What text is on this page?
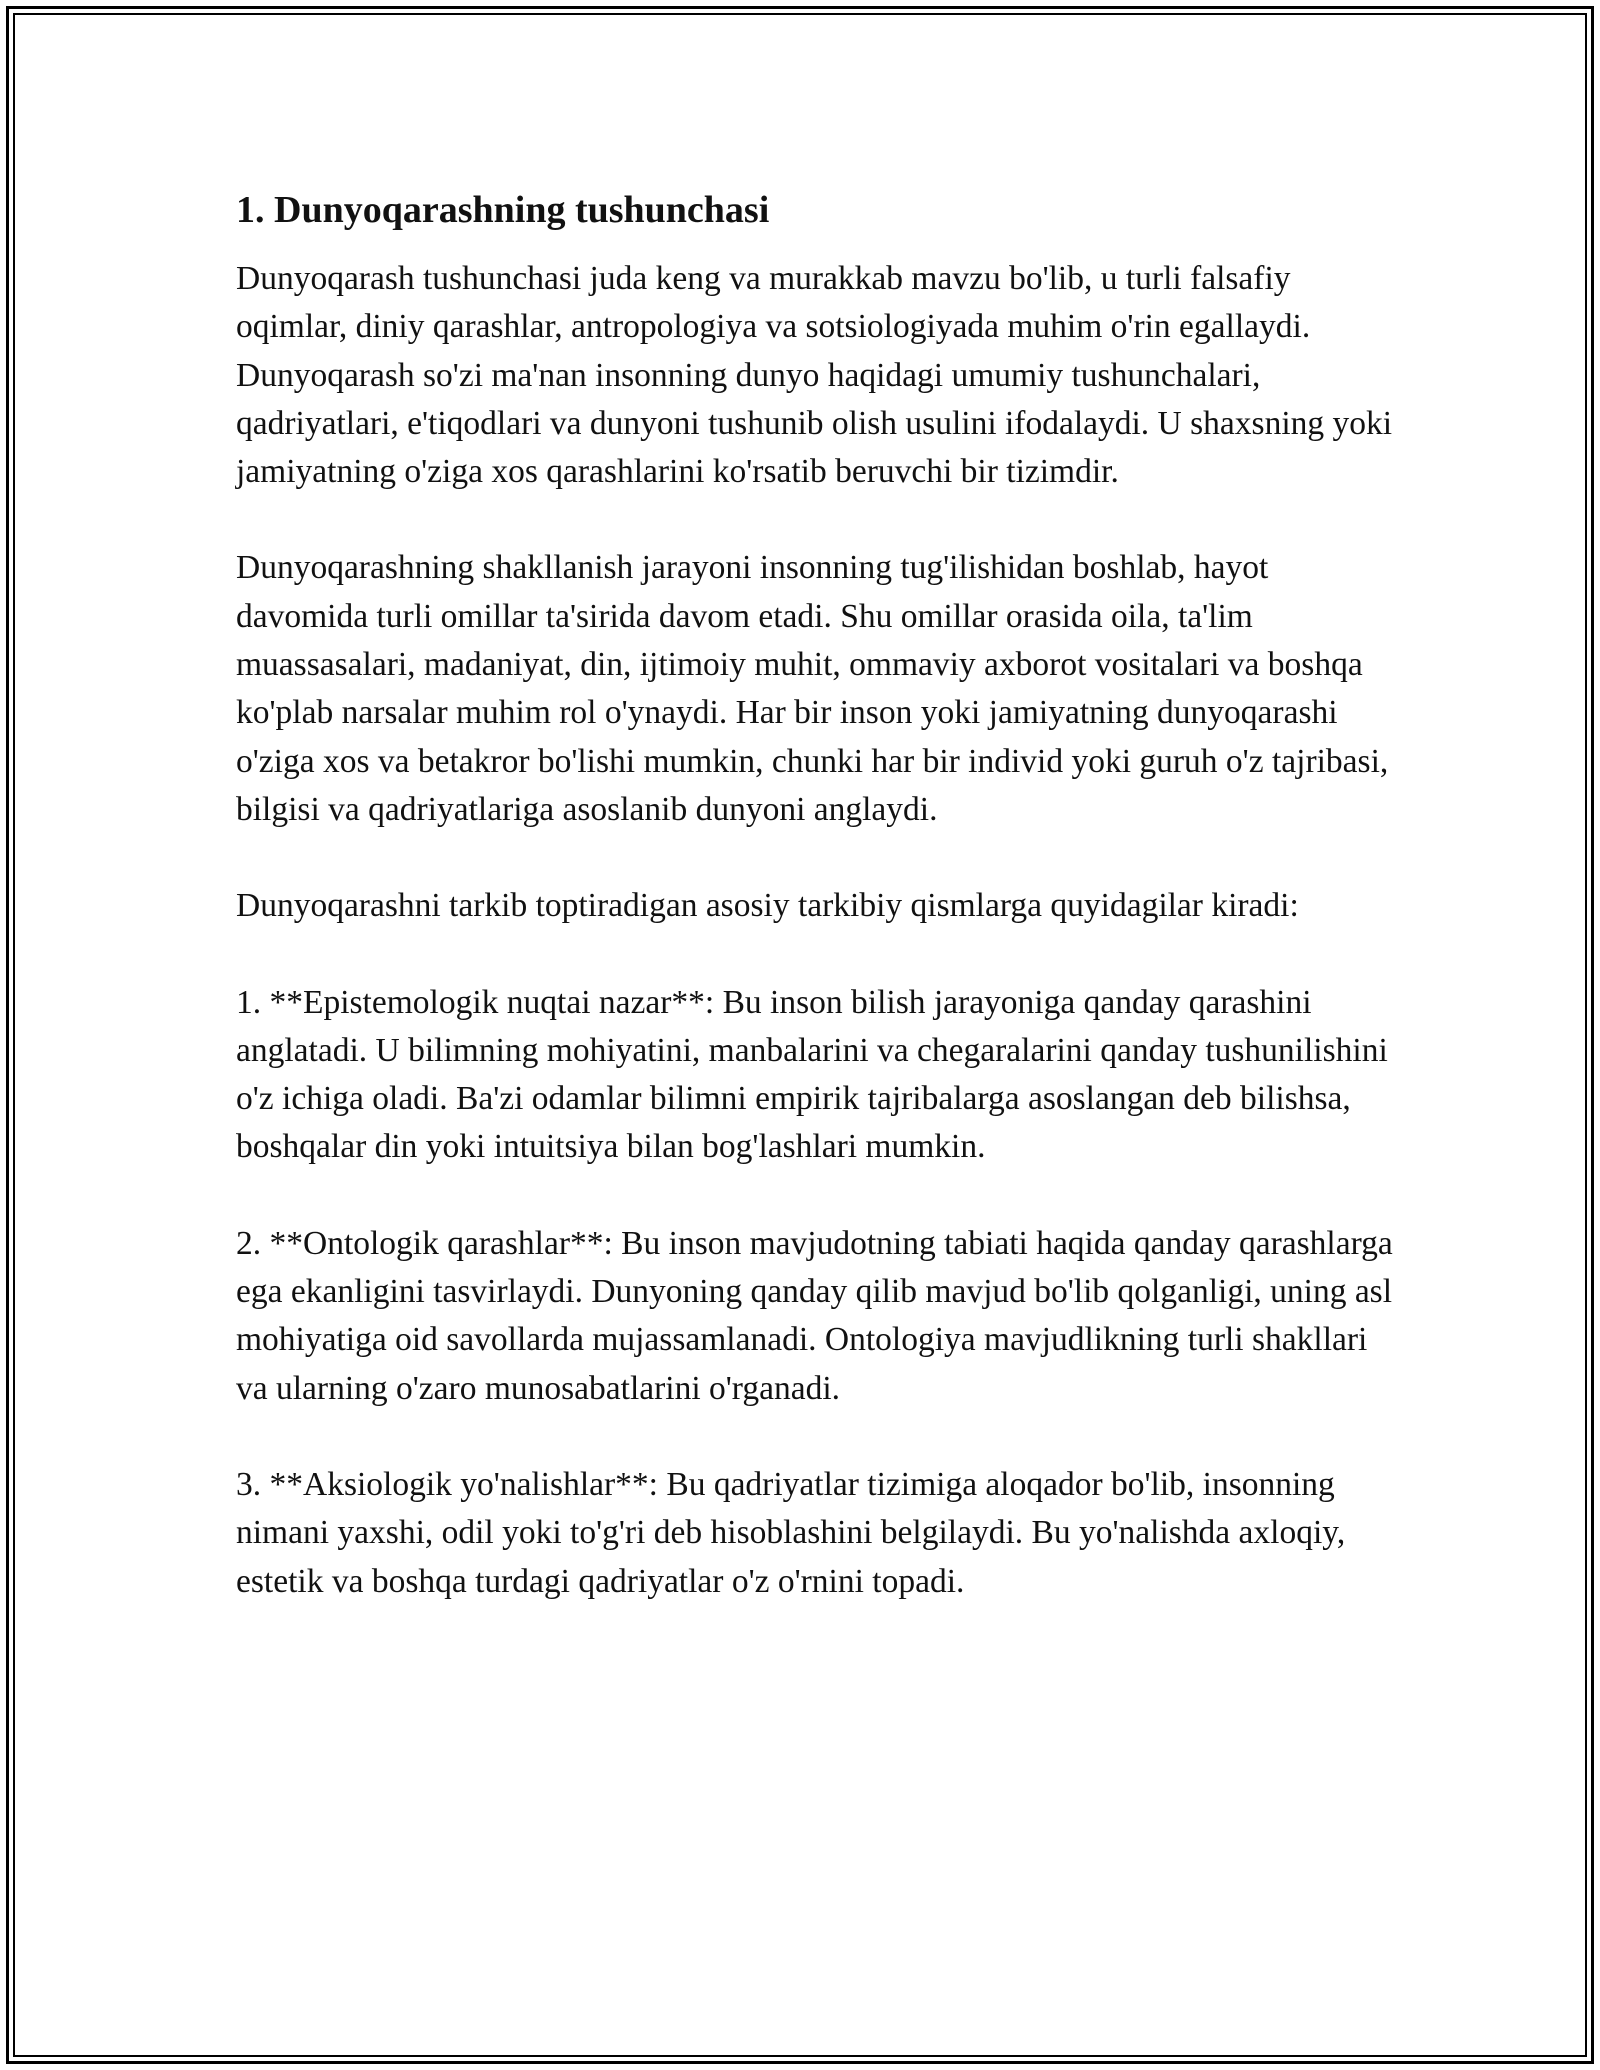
1. Dunyoqarashning tushunchasi

Dunyoqarash tushunchasi juda keng va murakkab mavzu bo'lib, u turli falsafiy oqimlar, diniy qarashlar, antropologiya va sotsiologiyada muhim o'rin egallaydi. Dunyoqarash so'zi ma'nan insonning dunyo haqidagi umumiy tushunchalari, qadriyatlari, e'tiqodlari va dunyoni tushunib olish usulini ifodalaydi. U shaxsning yoki jamiyatning o'ziga xos qarashlarini ko'rsatib beruvchi bir tizimdir.

Dunyoqarashning shakllanish jarayoni insonning tug'ilishidan boshlab, hayot davomida turli omillar ta'sirida davom etadi. Shu omillar orasida oila, ta'lim muassasalari, madaniyat, din, ijtimoiy muhit, ommaviy axborot vositalari va boshqa ko'plab narsalar muhim rol o'ynaydi. Har bir inson yoki jamiyatning dunyoqarashi o'ziga xos va betakror bo'lishi mumkin, chunki har bir individ yoki guruh o'z tajribasi, bilgisi va qadriyatlariga asoslanib dunyoni anglaydi.

Dunyoqarashni tarkib toptiradigan asosiy tarkibiy qismlarga quyidagilar kiradi:

1. **Epistemologik nuqtai nazar**: Bu inson bilish jarayoniga qanday qarashini anglatadi. U bilimning mohiyatini, manbalarini va chegaralarini qanday tushunilishini o'z ichiga oladi. Ba'zi odamlar bilimni empirik tajribalarga asoslangan deb bilishsa, boshqalar din yoki intuitsiya bilan bog'lashlari mumkin.

2. **Ontologik qarashlar**: Bu inson mavjudotning tabiati haqida qanday qarashlarga ega ekanligini tasvirlaydi. Dunyoning qanday qilib mavjud bo'lib qolganligi, uning asl mohiyatiga oid savollarda mujassamlanadi. Ontologiya mavjudlikning turli shakllari va ularning o'zaro munosabatlarini o'rganadi.

3. **Aksiologik yo'nalishlar**: Bu qadriyatlar tizimiga aloqador bo'lib, insonning nimani yaxshi, odil yoki to'g'ri deb hisoblashini belgilaydi. Bu yo'nalishda axloqiy, estetik va boshqa turdagi qadriyatlar o'z o'rnini topadi.
